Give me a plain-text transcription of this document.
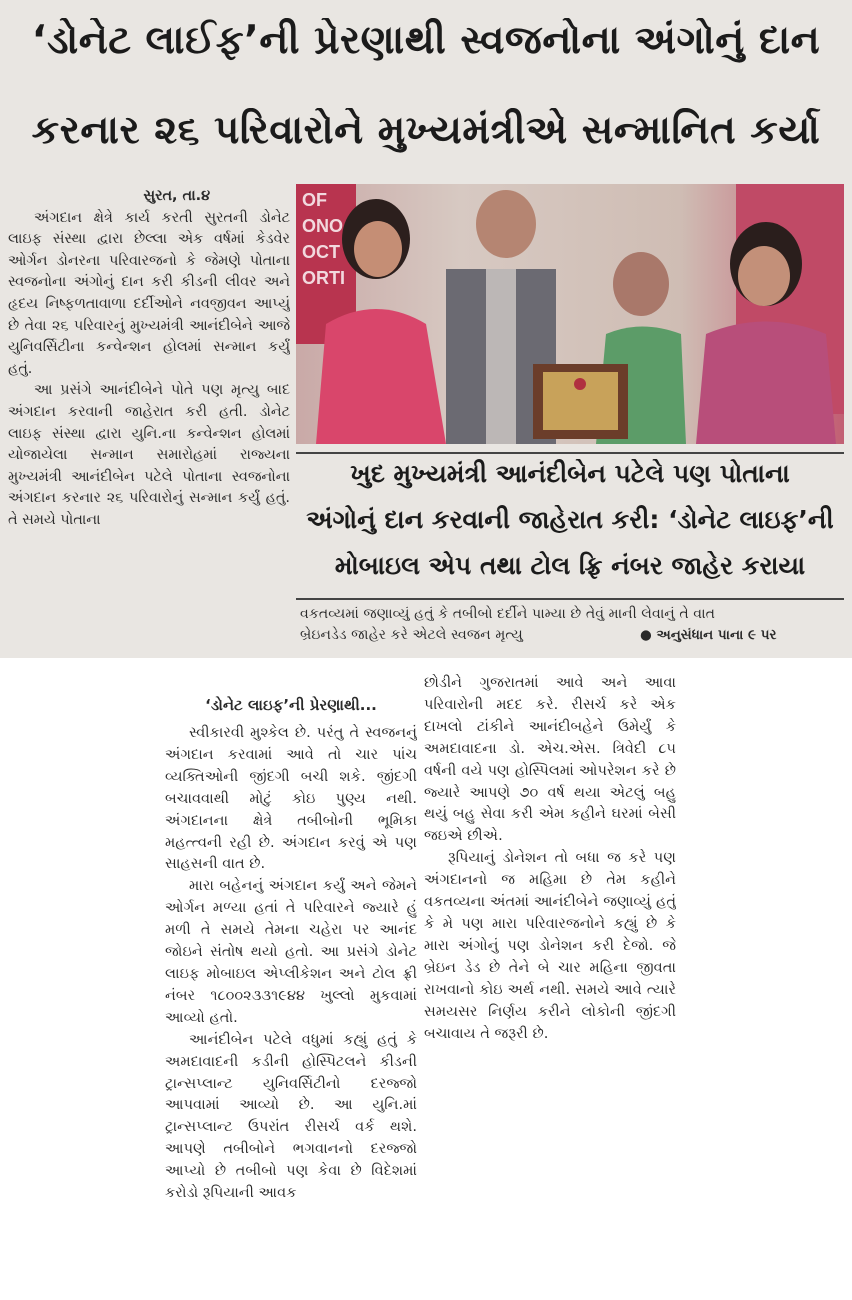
‘ડોનેટ લાઈફ’ની પ્રેરણાથી સ્વજનોના અંગોનું દાન
કરનાર ૨૬ પરિવારોને મુખ્યમંત્રીએ સન્માનિત કર્યા

સુરત, તા.૪

અંગદાન ક્ષેત્રે કાર્ય કરતી સુરતની ડોનેટ લાઇફ સંસ્થા દ્વારા છેલ્લા એક વર્ષમાં કેડવેર ઓર્ગન ડોનરના પરિવારજનો કે જેમણે પોતાના સ્વજનોના અંગોનું દાન કરી કીડની લીવર અને હૃદય નિષ્ફળતાવાળા દર્દીઓને નવજીવન આપ્યું છે તેવા ૨૬ પરિવારનું મુખ્યમંત્રી આનંદીબેને આજે યુનિવર્સિટીના કન્વેન્શન હોલમાં સન્માન કર્યું હતું.

આ પ્રસંગે આનંદીબેને પોતે પણ મૃત્યુ બાદ અંગદાન કરવાની જાહેરાત કરી હતી. ડોનેટ લાઇફ સંસ્થા દ્વારા યુનિ.ના કન્વેન્શન હોલમાં યોજાયેલા સન્માન સમારોહમાં રાજ્યના મુખ્યમંત્રી આનંદીબેન પટેલે પોતાના સ્વજનોના અંગદાન કરનાર ૨૬ પરિવારોનું સન્માન કર્યું હતું. તે સમયે પોતાના

OF
ONO
OCT
ORTI
ખુદ મુખ્યમંત્રી આનંદીબેન પટેલે પણ પોતાના
અંગોનું દાન કરવાની જાહેરાત કરી: ‘ડોનેટ લાઇફ’ની
મોબાઇલ એપ તથા ટોલ ફ્રિ નંબર જાહેર કરાયા
વકતવ્યમાં જણાવ્યું હતું કે તબીબો દર્દીને પામ્યા છે તેવું માની લેવાનું તે વાત
બ્રેઇનડેડ જાહેર કરે એટલે સ્વજન મૃત્યુ	● અનુસંધાન પાના ૯ પર
‘ડોનેટ લાઇફ’ની પ્રેરણાથી...

સ્વીકારવી મુશ્કેલ છે. પરંતુ તે સ્વજનનું અંગદાન કરવામાં આવે તો ચાર પાંચ વ્યક્તિઓની જીંદગી બચી શકે. જીંદગી બચાવવાથી મોટું કોઇ પુણ્ય નથી. અંગદાનના ક્ષેત્રે તબીબોની ભૂમિકા મહત્ત્વની રહી છે. અંગદાન કરવું એ પણ સાહસની વાત છે.

મારા બહેનનું અંગદાન કર્યું અને જેમને ઓર્ગન મળ્યા હતાં તે પરિવારને જ્યારે હું મળી તે સમયે તેમના ચહેરા પર આનંદ જોઇને સંતોષ થયો હતો. આ પ્રસંગે ડોનેટ લાઇફ મોબાઇલ એપ્લીકેશન અને ટોલ ફ્રી નંબર ૧૮૦૦૨૩૩૧૯૪૪ ખુલ્લો મુકવામાં આવ્યો હતો.

આનંદીબેન પટેલે વધુમાં કહ્યું હતું કે અમદાવાદની કડીની હોસ્પિટલને કીડની ટ્રાન્સપ્લાન્ટ યુનિવર્સિટીનો દરજ્જો આપવામાં આવ્યો છે. આ યુનિ.માં ટ્રાન્સપ્લાન્ટ ઉપરાંત રીસર્ચ વર્ક થશે. આપણે તબીબોને ભગવાનનો દરજ્જો આપ્યો છે તબીબો પણ કેવા છે વિદેશમાં કરોડો રૂપિયાની આવક

છોડીને ગુજરાતમાં આવે અને આવા પરિવારોની મદદ કરે. રીસર્ચ કરે એક દાખલો ટાંકીને આનંદીબહેને ઉમેર્યું કે અમદાવાદના ડો. એચ.એસ. ત્રિવેદી ૮૫ વર્ષની વયે પણ હોસ્પિલમાં ઓપરેશન કરે છે જ્યારે આપણે ૭૦ વર્ષ થયા એટલું બહુ થયું બહુ સેવા કરી એમ કહીને ઘરમાં બેસી જઇએ છીએ.

રૂપિયાનું ડોનેશન તો બધા જ કરે પણ અંગદાનનો જ મહિમા છે તેમ કહીને વકતવ્યના અંતમાં આનંદીબેને જણાવ્યું હતું કે મે પણ મારા પરિવારજનોને કહ્યું છે કે મારા અંગોનું પણ ડોનેશન કરી દેજો. જે બ્રેઇન ડેડ છે તેને બે ચાર મહિના જીવતા રાખવાનો કોઇ અર્થ નથી. સમયે આવે ત્યારે સમયસર નિર્ણય કરીને લોકોની જીંદગી બચાવાય તે જરૂરી છે.
